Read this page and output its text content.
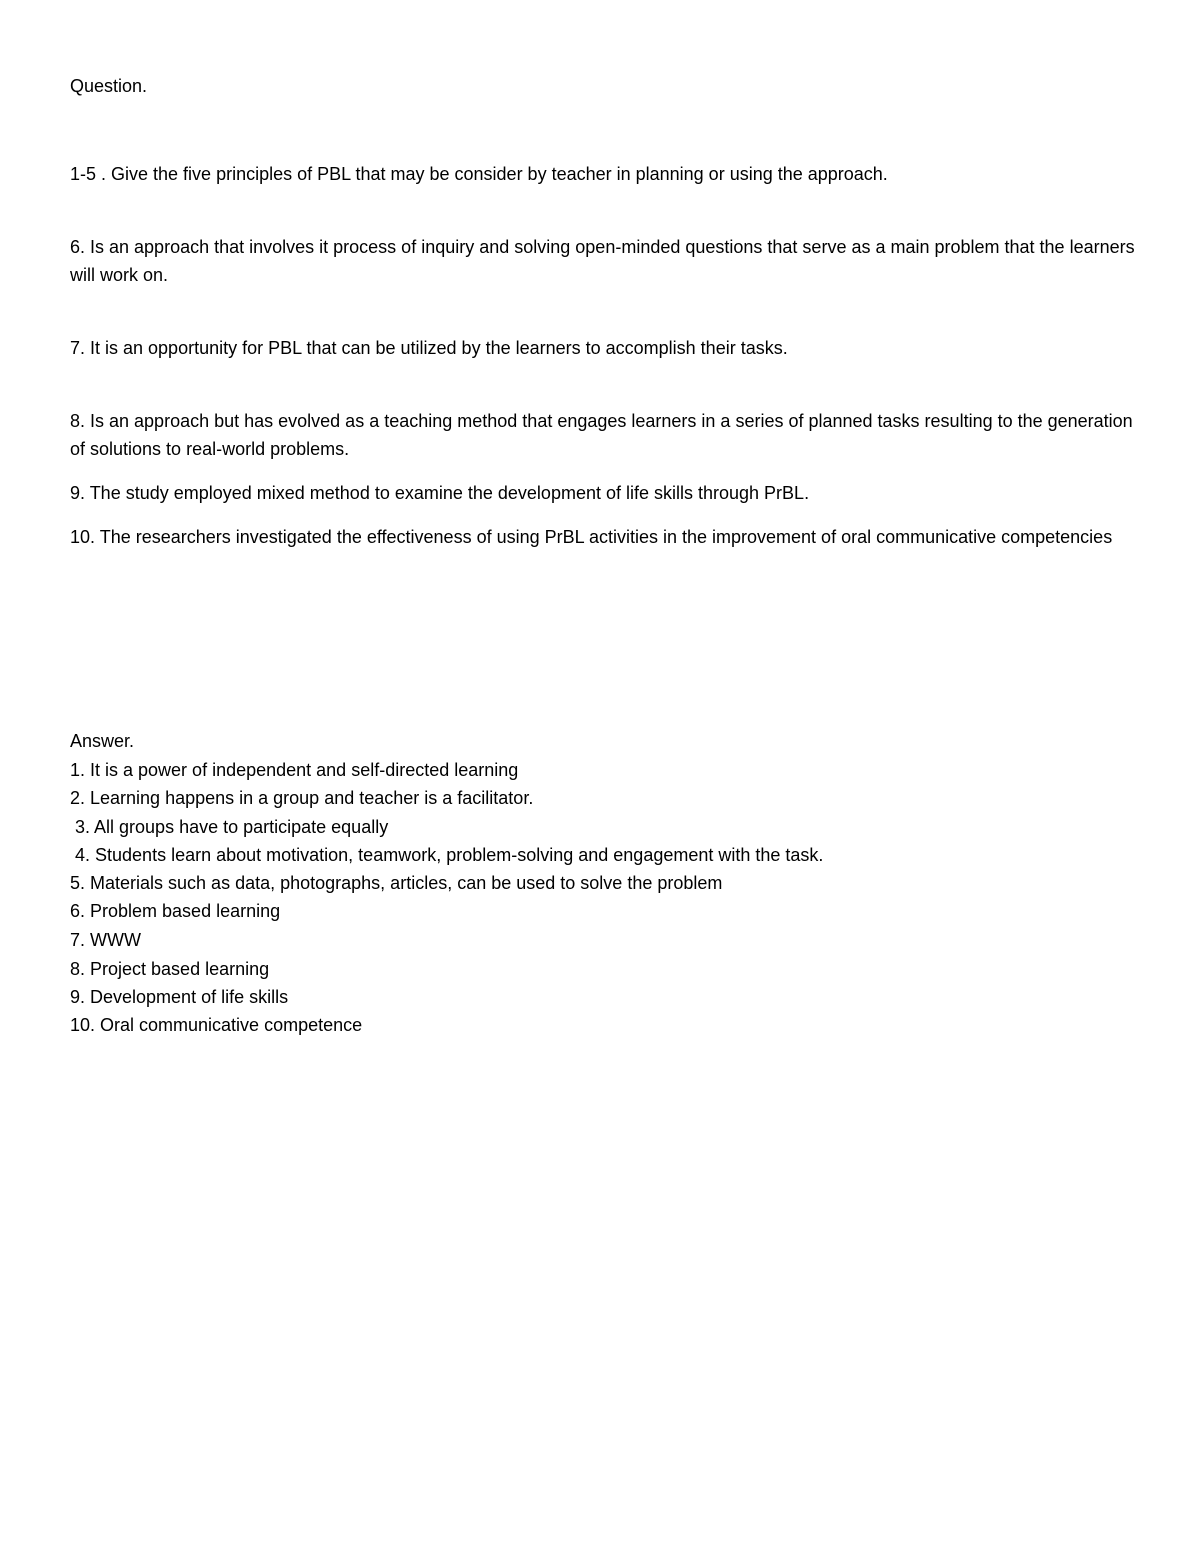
Question.
1-5 . Give the five principles of PBL that may be consider by teacher in planning or using the approach.
6. Is an approach that involves it process of inquiry and solving open-minded questions that serve as a main problem that the learners will work on.
7. It is an opportunity for PBL that can be utilized by the learners to accomplish their tasks.
8. Is an approach but has evolved as a teaching method that engages learners in a series of planned tasks resulting to the generation of solutions to real-world problems.
9. The study employed mixed method to examine the development of life skills through PrBL.
10. The researchers investigated the effectiveness of using PrBL activities in the improvement of oral communicative competencies
Answer.
1. It is a power of independent and self-directed learning
2. Learning happens in a group and teacher is a facilitator.
3. All groups have to participate equally
4. Students learn about motivation, teamwork, problem-solving and engagement with the task.
5. Materials such as data, photographs, articles, can be used to solve the problem
6. Problem based learning
7. WWW
8. Project based learning
9. Development of life skills
10. Oral communicative competence
